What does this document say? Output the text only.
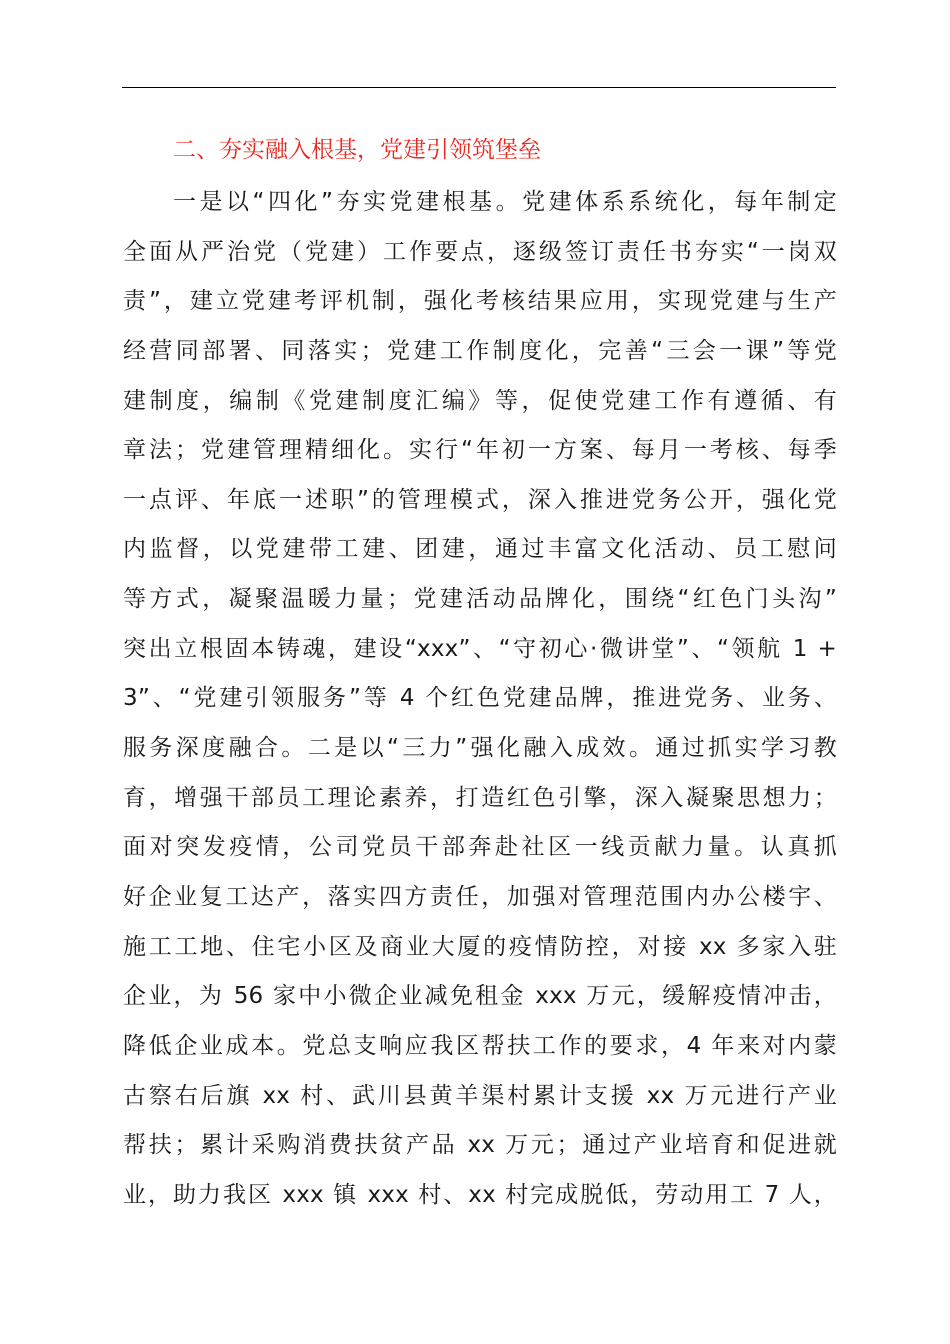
二、夯实融入根基，党建引领筑堡垒
一是以“四化”夯实党建根基。党建体系系统化，每年制定
全面从严治党（党建）工作要点，逐级签订责任书夯实“一岗双
责”，建立党建考评机制，强化考核结果应用，实现党建与生产
经营同部署、同落实；党建工作制度化，完善“三会一课”等党
建制度，编制《党建制度汇编》等，促使党建工作有遵循、有
章法；党建管理精细化。实行“年初一方案、每月一考核、每季
一点评、年底一述职”的管理模式，深入推进党务公开，强化党
内监督，以党建带工建、团建，通过丰富文化活动、员工慰问
等方式，凝聚温暖力量；党建活动品牌化，围绕“红色门头沟”
突出立根固本铸魂，建设“xxx”、“守初心·微讲堂”、“领航 1 +
3”、“党建引领服务”等 4 个红色党建品牌，推进党务、业务、
服务深度融合。二是以“三力”强化融入成效。通过抓实学习教
育，增强干部员工理论素养，打造红色引擎，深入凝聚思想力；
面对突发疫情，公司党员干部奔赴社区一线贡献力量。认真抓
好企业复工达产，落实四方责任，加强对管理范围内办公楼宇、
施工工地、住宅小区及商业大厦的疫情防控，对接 xx 多家入驻
企业，为 56 家中小微企业减免租金 xxx 万元，缓解疫情冲击，
降低企业成本。党总支响应我区帮扶工作的要求，4 年来对内蒙
古察右后旗 xx 村、武川县黄羊渠村累计支援 xx 万元进行产业
帮扶；累计采购消费扶贫产品 xx 万元；通过产业培育和促进就
业，助力我区 xxx 镇 xxx 村、xx 村完成脱低，劳动用工 7 人，
